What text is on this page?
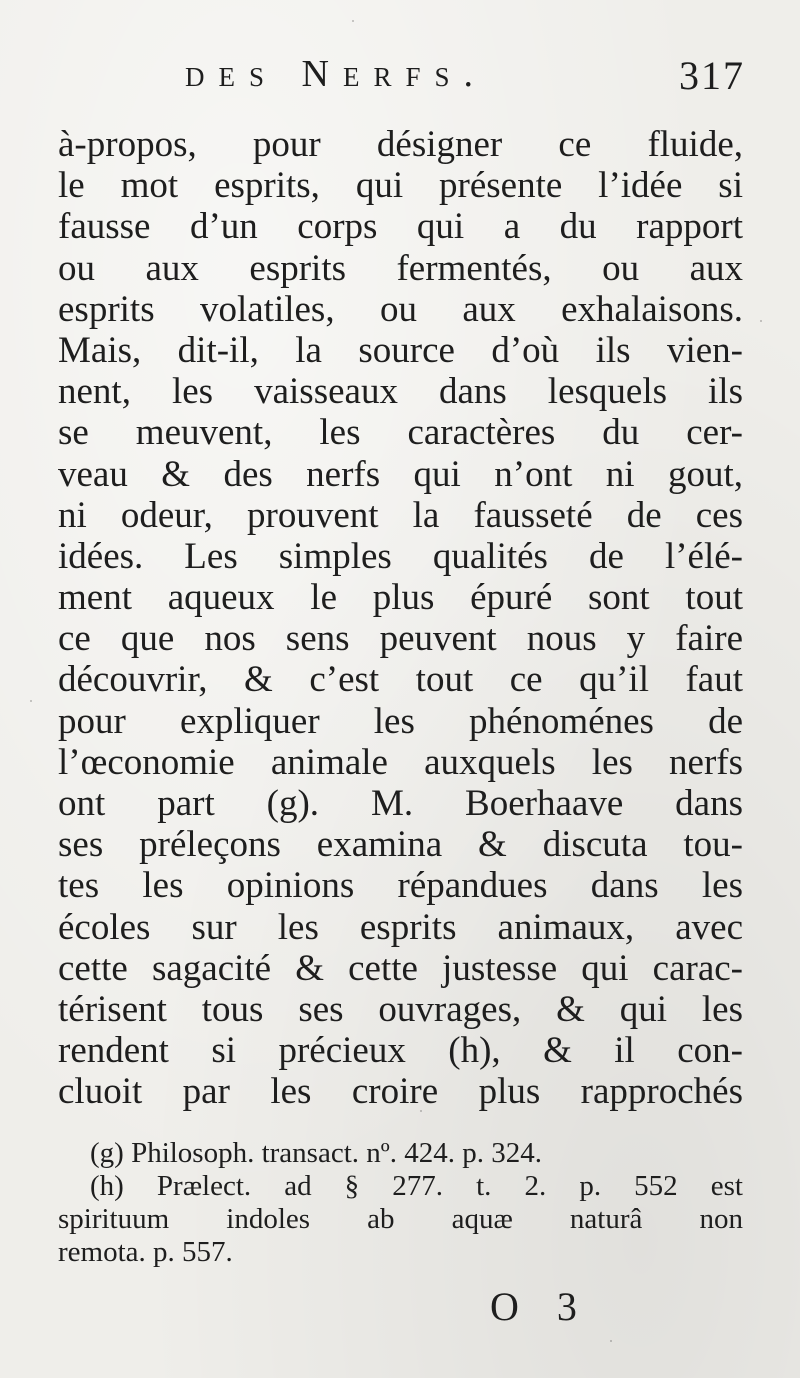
des Nerfs.	317
à-propos, pour désigner ce fluide,
le mot esprits, qui présente l’idée si
fausse d’un corps qui a du rapport
ou aux esprits fermentés, ou aux
esprits volatiles, ou aux exhalaisons.
Mais, dit-il, la source d’où ils vien-
nent, les vaisseaux dans lesquels ils
se meuvent, les caractères du cer-
veau & des nerfs qui n’ont ni gout,
ni odeur, prouvent la fausseté de ces
idées. Les simples qualités de l’élé-
ment aqueux le plus épuré sont tout
ce que nos sens peuvent nous y faire
découvrir, & c’est tout ce qu’il faut
pour expliquer les phénoménes de
l’œconomie animale auxquels les nerfs
ont part (g). M. Boerhaave dans
ses préleçons examina & discuta tou-
tes les opinions répandues dans les
écoles sur les esprits animaux, avec
cette sagacité & cette justesse qui carac-
térisent tous ses ouvrages, & qui les
rendent si précieux (h), & il con-
cluoit par les croire plus rapprochés
(g) Philosoph. transact. nº. 424. p. 324.
(h) Prælect. ad § 277. t. 2. p. 552 est
spirituum indoles ab aquæ naturâ non
remota. p. 557.
O 3
